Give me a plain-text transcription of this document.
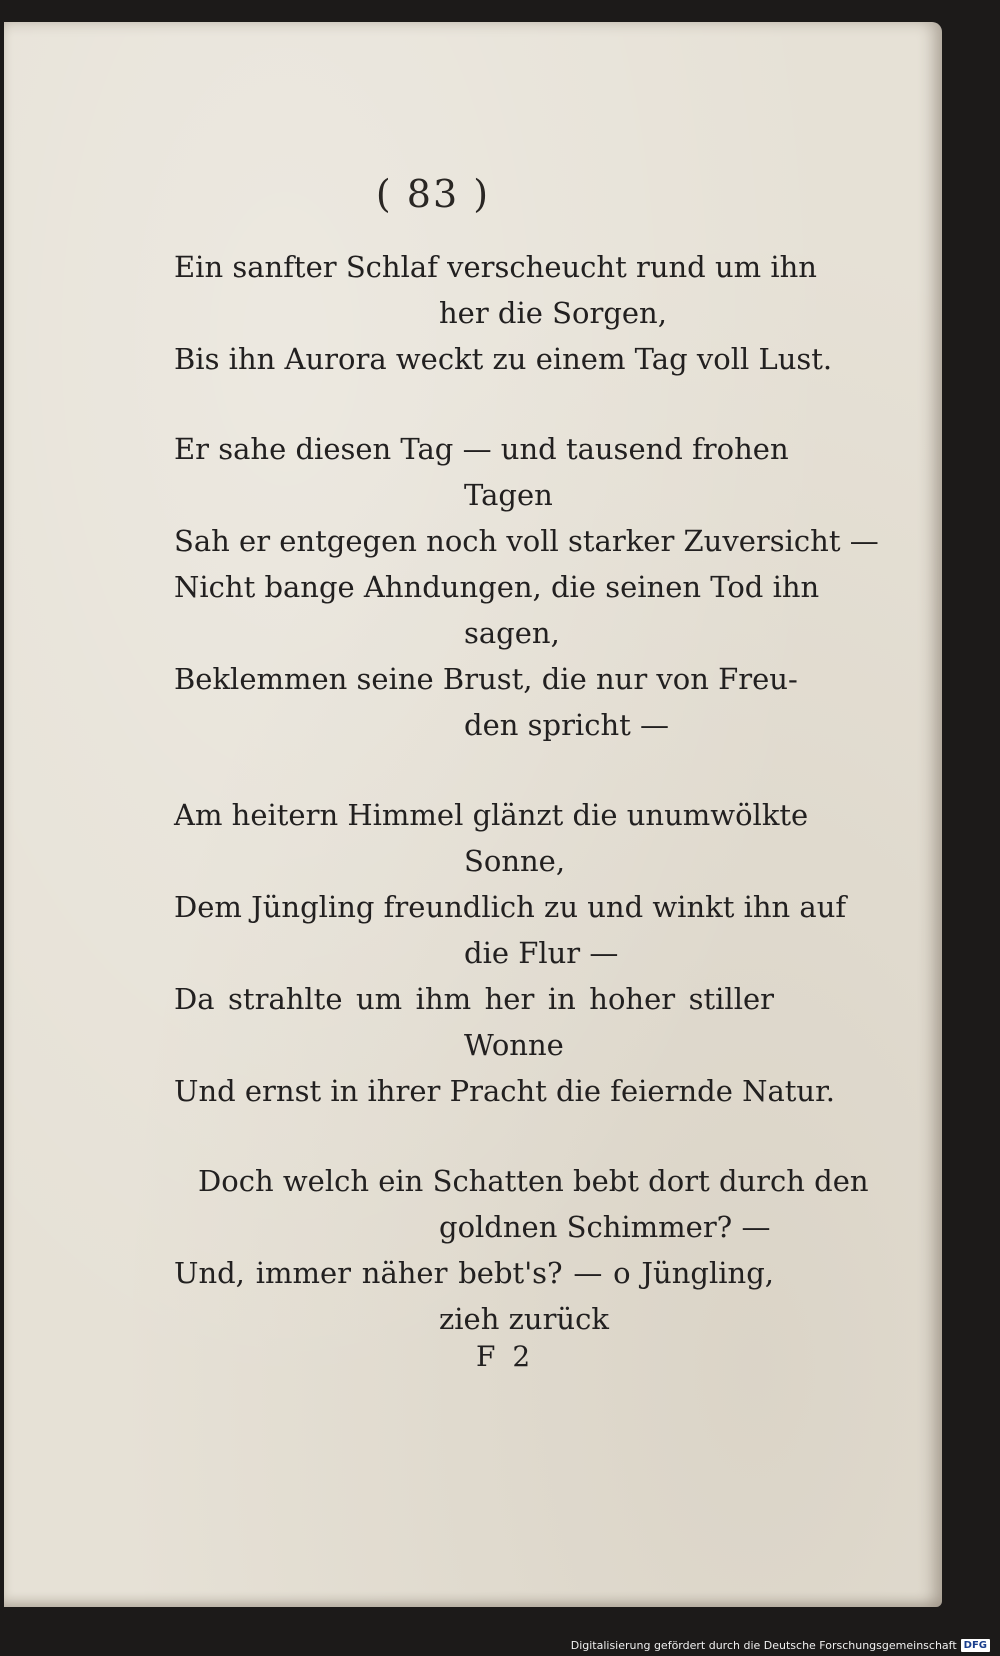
( 83 )
Ein sanfter Schlaf verscheucht rund um ihn
her die Sorgen,
Bis ihn Aurora weckt zu einem Tag voll Lust.
Er sahe diesen Tag — und tausend frohen
Tagen
Sah er entgegen noch voll starker Zuversicht —
Nicht bange Ahndungen, die seinen Tod ihn
sagen,
Beklemmen seine Brust, die nur von Freu-
den spricht —
Am heitern Himmel glänzt die unumwölkte
Sonne,
Dem Jüngling freundlich zu und winkt ihn auf
die Flur —
Da strahlte um ihm her in hoher stiller
Wonne
Und ernst in ihrer Pracht die feiernde Natur.
Doch welch ein Schatten bebt dort durch den
goldnen Schimmer? —
Und, immer näher bebt's? — o Jüngling,
zieh zurück
F 2
Digitalisierung gefördert durch die Deutsche Forschungsgemeinschaft DFG
